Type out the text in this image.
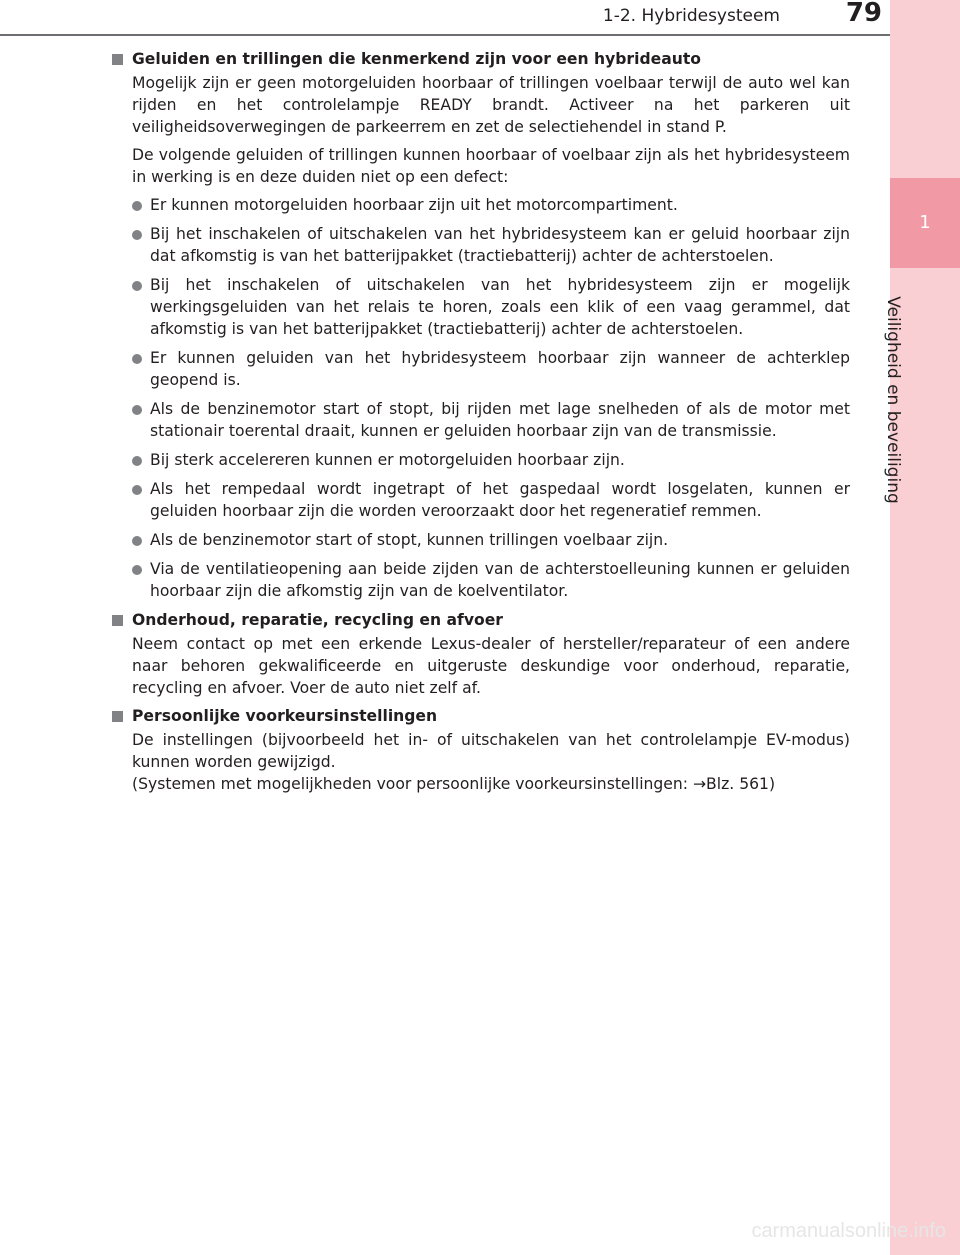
1-2. Hybridesysteem	79
1
Veiligheid en beveiliging
Geluiden en trillingen die kenmerkend zijn voor een hybrideauto

Mogelijk zijn er geen motorgeluiden hoorbaar of trillingen voelbaar terwijl de auto wel kan rijden en het controlelampje READY brandt. Activeer na het parkeren uit veiligheidsoverwegingen de parkeerrem en zet de selectiehendel in stand P.

De volgende geluiden of trillingen kunnen hoorbaar of voelbaar zijn als het hybridesysteem in werking is en deze duiden niet op een defect:

Er kunnen motorgeluiden hoorbaar zijn uit het motorcompartiment.
Bij het inschakelen of uitschakelen van het hybridesysteem kan er geluid hoorbaar zijn dat afkomstig is van het batterijpakket (tractiebatterij) achter de achterstoelen.
Bij het inschakelen of uitschakelen van het hybridesysteem zijn er mogelijk werkingsgeluiden van het relais te horen, zoals een klik of een vaag gerammel, dat afkomstig is van het batterijpakket (tractiebatterij) achter de achterstoelen.
Er kunnen geluiden van het hybridesysteem hoorbaar zijn wanneer de achterklep geopend is.
Als de benzinemotor start of stopt, bij rijden met lage snelheden of als de motor met stationair toerental draait, kunnen er geluiden hoorbaar zijn van de transmissie.
Bij sterk accelereren kunnen er motorgeluiden hoorbaar zijn.
Als het rempedaal wordt ingetrapt of het gaspedaal wordt losgelaten, kunnen er geluiden hoorbaar zijn die worden veroorzaakt door het regeneratief remmen.
Als de benzinemotor start of stopt, kunnen trillingen voelbaar zijn.
Via de ventilatieopening aan beide zijden van de achterstoelleuning kunnen er geluiden hoorbaar zijn die afkomstig zijn van de koelventilator.
Onderhoud, reparatie, recycling en afvoer

Neem contact op met een erkende Lexus-dealer of hersteller/reparateur of een andere naar behoren gekwalificeerde en uitgeruste deskundige voor onderhoud, reparatie, recycling en afvoer. Voer de auto niet zelf af.

Persoonlijke voorkeursinstellingen

De instellingen (bijvoorbeeld het in- of uitschakelen van het controlelampje EV-modus) kunnen worden gewijzigd.

(Systemen met mogelijkheden voor persoonlijke voorkeursinstellingen: →Blz. 561)

carmanualsonline.info
